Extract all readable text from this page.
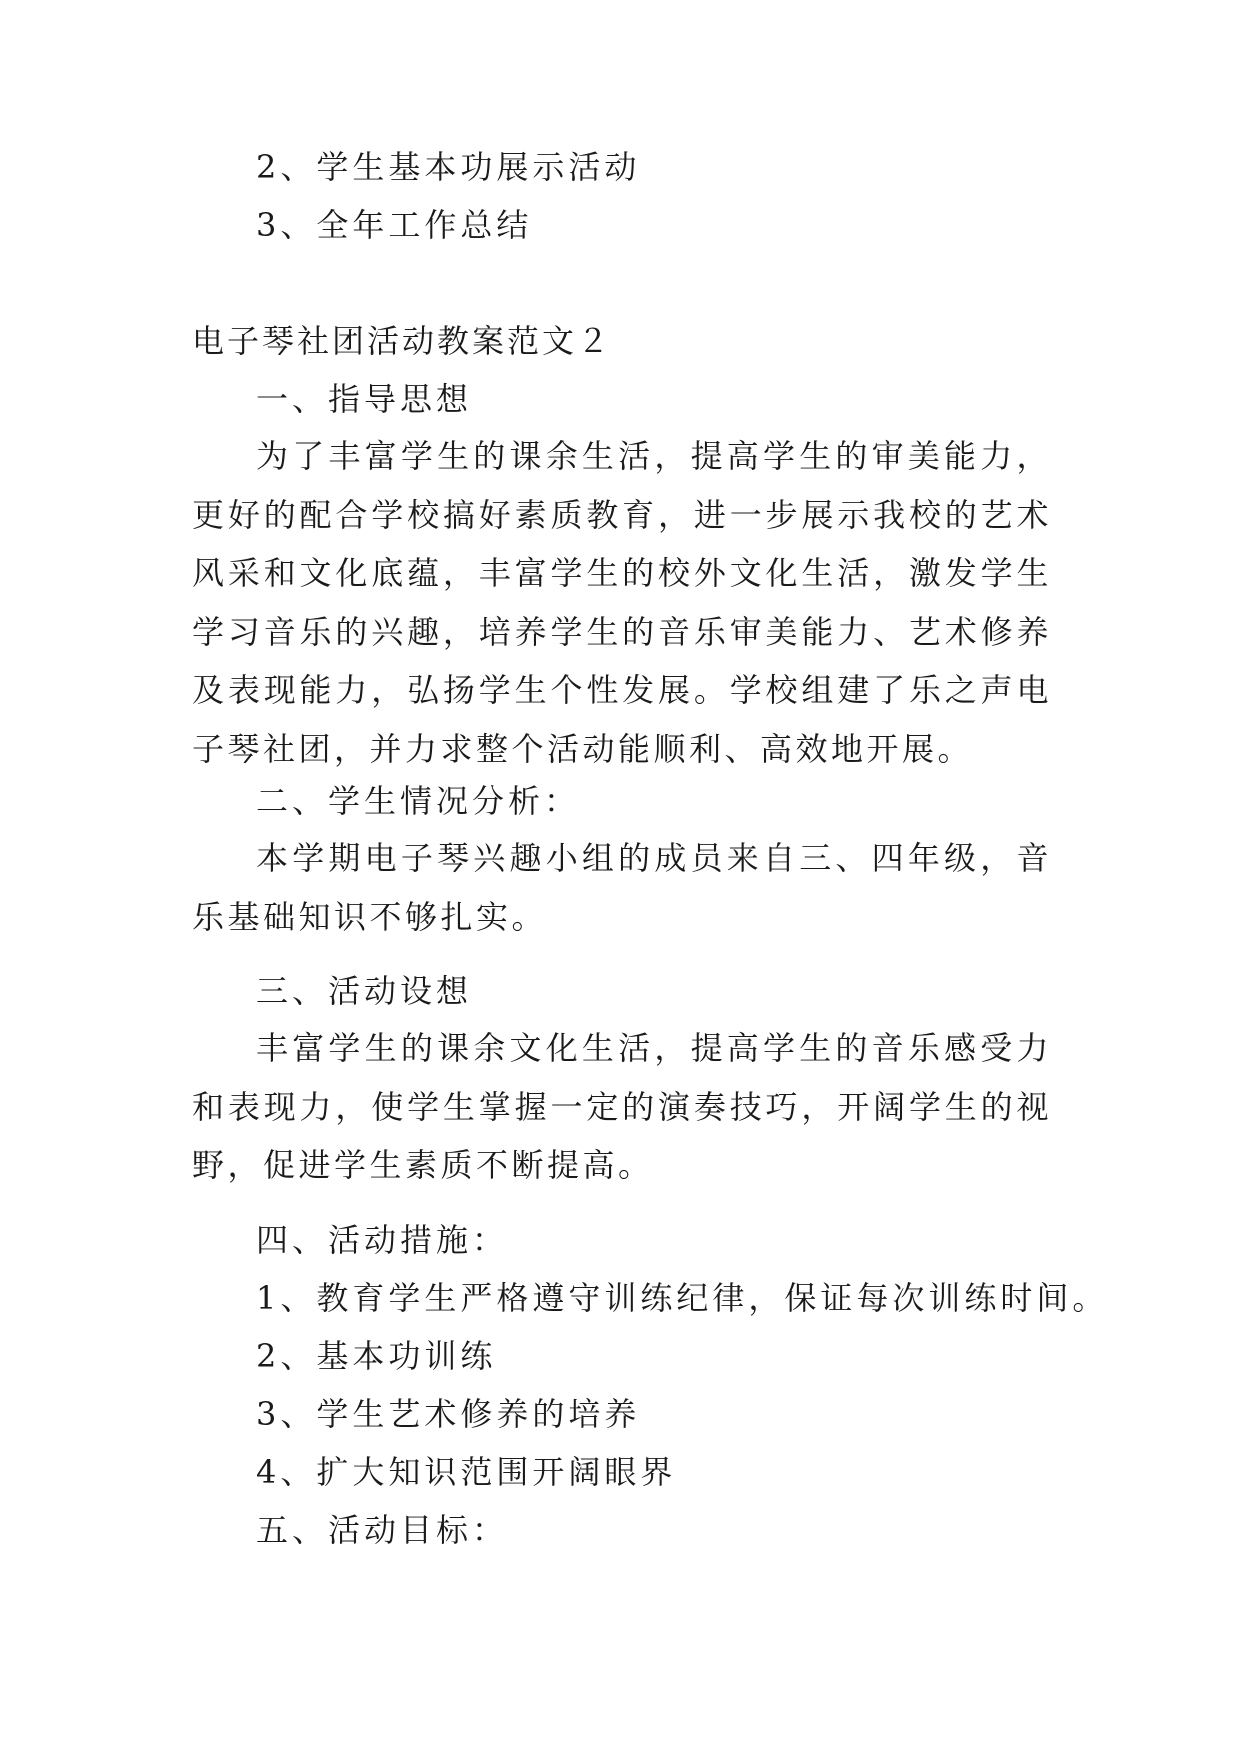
2、学生基本功展示活动
3、全年工作总结
电子琴社团活动教案范文２
一、指导思想
为了丰富学生的课余生活，提高学生的审美能力，更好的配合学校搞好素质教育，进一步展示我校的艺术风采和文化底蕴，丰富学生的校外文化生活，激发学生学习音乐的兴趣，培养学生的音乐审美能力、艺术修养及表现能力，弘扬学生个性发展。学校组建了乐之声电子琴社团，并力求整个活动能顺利、高效地开展。
二、学生情况分析：
本学期电子琴兴趣小组的成员来自三、四年级，音乐基础知识不够扎实。
三、活动设想
丰富学生的课余文化生活，提高学生的音乐感受力和表现力，使学生掌握一定的演奏技巧，开阔学生的视野，促进学生素质不断提高。
四、活动措施：
1、教育学生严格遵守训练纪律，保证每次训练时间。
2、基本功训练
3、学生艺术修养的培养
4、扩大知识范围开阔眼界
五、活动目标：
